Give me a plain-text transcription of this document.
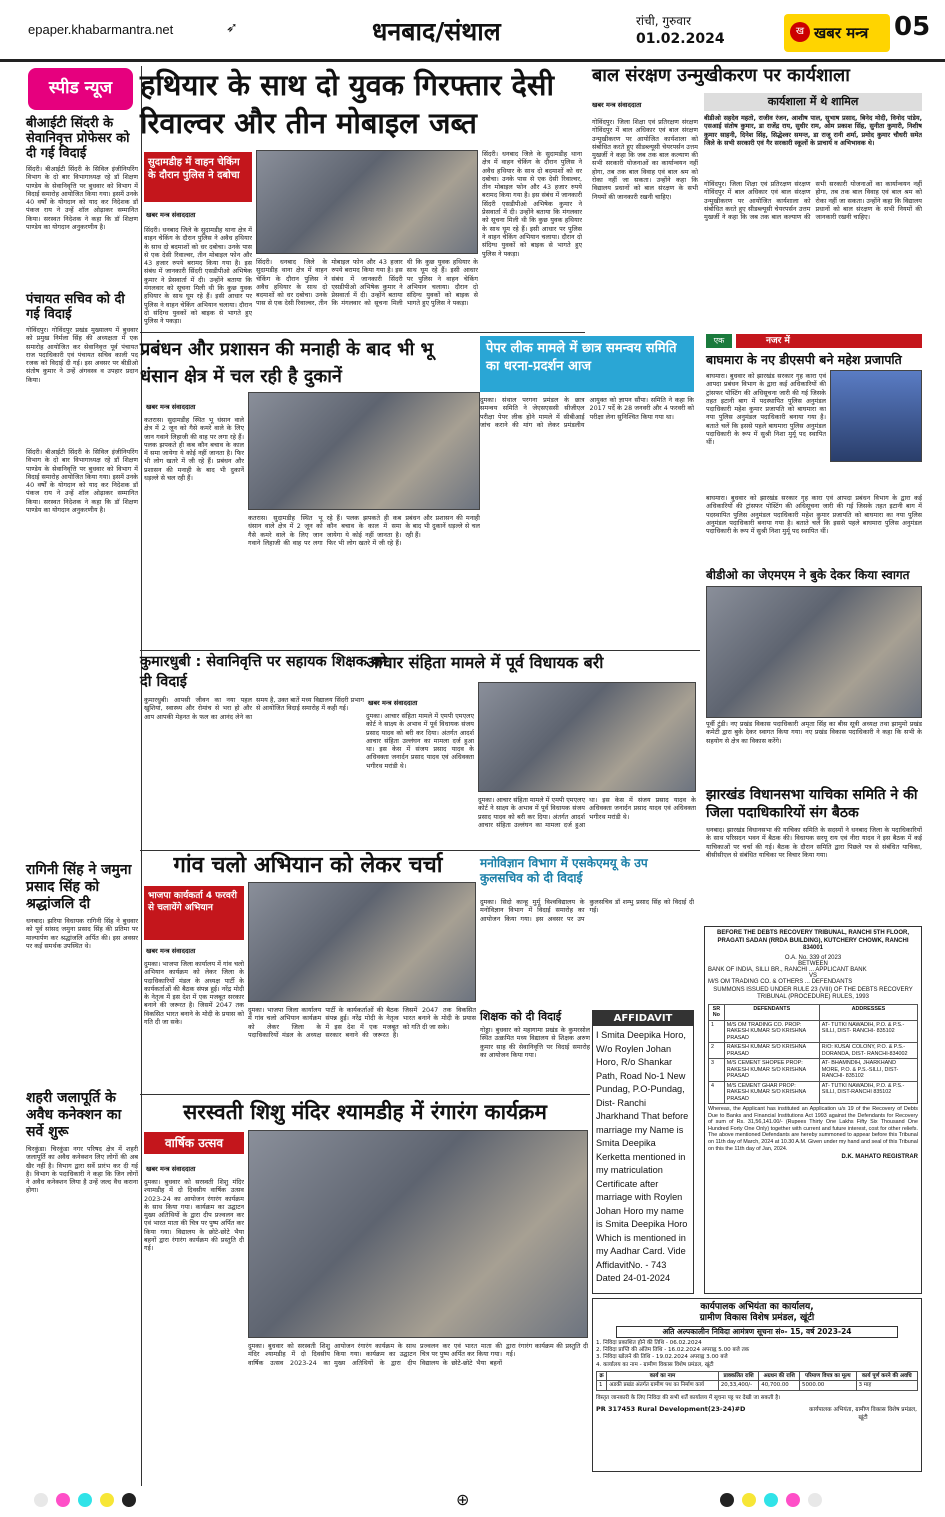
epaper.khabarmantra.net	➶	धनबाद/संथाल	रांची, गुरुवार
01.02.2024	खबर मन्त्र
ख	05
स्पीड न्यूज
बीआईटी सिंदरी के सेवानिवृत्त प्रोफेसर को दी गई विदाई
सिंदरी। बीआईटी सिंदरी के सिविल इंजीनियरिंग विभाग के दो बार विभागाध्यक्ष रहे डॉ शिक्षण पाण्डेय के सेवानिवृत्ति पर बुधवार को विभाग में विदाई समारोह आयोजित किया गया। इसमें उनके 40 वर्षों के योगदान को याद कर निदेशक डॉ पंकज राय ने उन्हें शॉल ओढ़ाकर सम्मानित किया। सरस्वत निदेशक ने कहा कि डॉ शिक्षण पाण्डेय का योगदान अनुकरणीय है।
पंचायत सचिव को दी गई विदाई
गोविंदपुर। गोविंदपुर प्रखंड मुख्यालय में बुधवार को प्रमुख निर्मला सिंह की अध्यक्षता में एक समारोह आयोजित कर सेवानिवृत्त पूर्व पंचायत राज पदाधिकारी एवं पंचायत सचिव काली पद रजक को विदाई दी गई। इस अवसर पर बीडीओ संतोष कुमार ने उन्हें अंगवस्त्र व उपहार प्रदान किया।
सिंदरी। बीआईटी सिंदरी के सिविल इंजीनियरिंग विभाग के दो बार विभागाध्यक्ष रहे डॉ शिक्षण पाण्डेय के सेवानिवृत्ति पर बुधवार को विभाग में विदाई समारोह आयोजित किया गया। इसमें उनके 40 वर्षों के योगदान को याद कर निदेशक डॉ पंकज राय ने उन्हें शॉल ओढ़ाकर सम्मानित किया। सरस्वत निदेशक ने कहा कि डॉ शिक्षण पाण्डेय का योगदान अनुकरणीय है।
रागिनी सिंह ने जमुना प्रसाद सिंह को श्रद्धांजलि दी
धनबाद। झरिया विधायक रागिनी सिंह ने बुधवार को पूर्व सांसद जमुना प्रसाद सिंह की प्रतिमा पर माल्यार्पण कर श्रद्धांजलि अर्पित की। इस अवसर पर कई समर्थक उपस्थित थे।
शहरी जलापूर्ति के अवैध कनेक्शन का सर्वे शुरू
चिरकुंडा। चिरकुंडा नगर परिषद क्षेत्र में शहरी जलापूर्ति का अवैध कनेक्शन लिए लोगों की अब खैर नहीं है। विभाग द्वारा सर्वे प्रारंभ कर दी गई है। विभाग के पदाधिकारी ने कहा कि जिन लोगों ने अवैध कनेक्शन लिया है उन्हें जल्द वैध कराना होगा।
हथियार के साथ दो युवक गिरफ्तार देसी रिवाल्वर और तीन मोबाइल जब्त
सुदामडीह में वाहन चेकिंग के दौरान पुलिस ने दबोचा
खबर मन्त्र संवाददाता
सिंदरी। धनबाद जिले के सुदामडीह थाना क्षेत्र में वाहन चेकिंग के दौरान पुलिस ने अवैध हथियार के साथ दो बदमाशों को धर दबोचा। उनके पास से एक देसी रिवाल्वर, तीन मोबाइल फोन और 43 हजार रुपये बरामद किया गया है। इस संबंध में जानकारी सिंदरी एसडीपीओ अभिषेक कुमार ने प्रेसवार्ता में दी। उन्होंने बताया कि मंगलवार को सूचना मिली थी कि कुछ युवक हथियार के साथ घूम रहे हैं। इसी आधार पर पुलिस ने वाहन चेकिंग अभियान चलाया। दौरान दो संदिग्ध युवकों को बाइक से भागते हुए पुलिस ने पकड़ा।
सिंदरी। धनबाद जिले के सुदामडीह थाना क्षेत्र में वाहन चेकिंग के दौरान पुलिस ने अवैध हथियार के साथ दो बदमाशों को धर दबोचा। उनके पास से एक देसी रिवाल्वर, तीन मोबाइल फोन और 43 हजार रुपये बरामद किया गया है। इस संबंध में जानकारी सिंदरी एसडीपीओ अभिषेक कुमार ने प्रेसवार्ता में दी। उन्होंने बताया कि मंगलवार को सूचना मिली थी कि कुछ युवक हथियार के साथ घूम रहे हैं। इसी आधार पर पुलिस ने वाहन चेकिंग अभियान चलाया। दौरान दो संदिग्ध युवकों को बाइक से भागते हुए पुलिस ने पकड़ा।
सिंदरी। धनबाद जिले के सुदामडीह थाना क्षेत्र में वाहन चेकिंग के दौरान पुलिस ने अवैध हथियार के साथ दो बदमाशों को धर दबोचा। उनके पास से एक देसी रिवाल्वर, तीन मोबाइल फोन और 43 हजार रुपये बरामद किया गया है। इस संबंध में जानकारी सिंदरी एसडीपीओ अभिषेक कुमार ने प्रेसवार्ता में दी। उन्होंने बताया कि मंगलवार को सूचना मिली थी कि कुछ युवक हथियार के साथ घूम रहे हैं। इसी आधार पर पुलिस ने वाहन चेकिंग अभियान चलाया। दौरान दो संदिग्ध युवकों को बाइक से भागते हुए पुलिस ने पकड़ा।
बाल संरक्षण उन्मुखीकरण पर कार्यशाला
कार्यशाला में थे शामिल
बीडीओ सहदेव महतो, राजीव रंजन, आशीष पाल, सुभाष प्रसाद, बिनेद मोदी, विनोद पांडेय, एसआई संतोष कुमार, डा राजेंद्र राय, सुधीर राम, ओम प्रकाश सिंह, सुनीता कुमारी, निशीष कुमार साहनी, दिनेश सिंह, सिद्धेश्वर समन्त, डा राजू रानी शर्मा, प्रमोद कुमार चौधरी समेत जिले के सभी सरकारी एवं गैर सरकारी स्कूलों के प्राचार्य व अभिभावक थे।
खबर मन्त्र संवाददाता
गोविंदपुर। जिला शिक्षा एवं प्रतिरक्षण संरक्षण गोविंदपुर में बाल अधिकार एवं बाल संरक्षण उन्मुखीकरण पर आयोजित कार्यशाला को संबोधित करते हुए सीडब्ल्यूसी चेयरपर्सन उत्तम मुखर्जी ने कहा कि जब तक बाल कल्याण की सभी सरकारी योजनाओं का कार्यान्वयन नहीं होगा, तब तक बाल विवाह एवं बाल श्रम को रोका नहीं जा सकता। उन्होंने कहा कि विद्यालय प्रधानों को बाल संरक्षण के सभी नियमों की जानकारी रखनी चाहिए।
गोविंदपुर। जिला शिक्षा एवं प्रतिरक्षण संरक्षण गोविंदपुर में बाल अधिकार एवं बाल संरक्षण उन्मुखीकरण पर आयोजित कार्यशाला को संबोधित करते हुए सीडब्ल्यूसी चेयरपर्सन उत्तम मुखर्जी ने कहा कि जब तक बाल कल्याण की सभी सरकारी योजनाओं का कार्यान्वयन नहीं होगा, तब तक बाल विवाह एवं बाल श्रम को रोका नहीं जा सकता। उन्होंने कहा कि विद्यालय प्रधानों को बाल संरक्षण के सभी नियमों की जानकारी रखनी चाहिए।
एक	नजर में
बाघमारा के नए डीएसपी बने महेश प्रजापति
बाघमारा। बुधवार को झारखंड सरकार गृह कारा एवं आपदा प्रबंधन विभाग के द्वारा कई अधिकारियों की ट्रांसफर पोस्टिंग की अधिसूचना जारी की गई जिसके तहत इटानी बाग में पदस्थापित पुलिस अनुमंडल पदाधिकारी महेश कुमार प्रजापति को बाघमारा का नया पुलिस अनुमंडल पदाधिकारी बनाया गया है। बताते चलें कि इससे पहले बाघमारा पुलिस अनुमंडल पदाधिकारी के रूप में सुश्री निशा मुर्मू पद स्थापित थीं।
बाघमारा। बुधवार को झारखंड सरकार गृह कारा एवं आपदा प्रबंधन विभाग के द्वारा कई अधिकारियों की ट्रांसफर पोस्टिंग की अधिसूचना जारी की गई जिसके तहत इटानी बाग में पदस्थापित पुलिस अनुमंडल पदाधिकारी महेश कुमार प्रजापति को बाघमारा का नया पुलिस अनुमंडल पदाधिकारी बनाया गया है। बताते चलें कि इससे पहले बाघमारा पुलिस अनुमंडल पदाधिकारी के रूप में सुश्री निशा मुर्मू पद स्थापित थीं।
बीडीओ का जेएमएम ने बुके देकर किया स्वागत
पूर्वी टुंडी। नए प्रखंड विकास पदाधिकारी अमृता सिंह का बीस सूत्री अध्यक्ष तथा झामुमो प्रखंड कमेटी द्वारा बुके देकर स्वागत किया गया। नए प्रखंड विकास पदाधिकारी ने कहा कि सभी के सहयोग से क्षेत्र का विकास करेंगे।
झारखंड विधानसभा याचिका समिति ने की जिला पदाधिकारियों संग बैठक
धनबाद। झारखंड विधानसभा की याचिका समिति के सदस्यों ने धनबाद जिला के पदाधिकारियों के साथ परिसदन भवन में बैठक की। विधायक सरयू राय एवं नीरा यादव ने इस बैठक में कई याचिकाओं पर चर्चा की गई। बैठक के दौरान समिति द्वारा पिछले पत्र से संबंधित याचिका, बीसीसीएल से संबंधित याचिका पर विचार किया गया।
प्रबंधन और प्रशासन की मनाही के बाद भी भू धंसान क्षेत्र में चल रही है दुकानें
खबर मन्त्र संवाददाता
कतरास। सुदामडीह स्थित भू धंसान वाले क्षेत्र में 2 जून को गैसे कमरे वाले के लिए जान गवाने लिहाजी की वाह पर लगा रहे हैं। पलक झपकते ही कब कौन बचाव के काल में समा जायेगा ये कोई नहीं जानता है। फिर भी लोग खतरे में जी रहे हैं। प्रबंधन और प्रशासन की मनाही के बाद भी दुकानें धड़ल्ले से चल रही हैं।
कतरास। सुदामडीह स्थित भू धंसान वाले क्षेत्र में 2 जून को गैसे कमरे वाले के लिए जान गवाने लिहाजी की वाह पर लगा रहे हैं। पलक झपकते ही कब कौन बचाव के काल में समा जायेगा ये कोई नहीं जानता है। फिर भी लोग खतरे में जी रहे हैं। प्रबंधन और प्रशासन की मनाही के बाद भी दुकानें धड़ल्ले से चल रही हैं।
पेपर लीक मामले में छात्र समन्वय समिति का धरना-प्रदर्शन आज
दुमका। संथाल परगना प्रमंडल के छात्र समन्वय समिति ने जेएसएससी सीजीएल परीक्षा पेपर लीक होने मामले में सीबीआई जांच कराने की मांग को लेकर प्रमंडलीय आयुक्त को ज्ञापन सौंपा। समिति ने कहा कि 2017 पर्दे के 28 जनवरी और 4 फरवरी को परीक्षा लेना सुनिश्चित किया गया था।
कुमारधुबी : सेवानिवृत्ति पर सहायक शिक्षक को दी विदाई
कुमारधुबी। आपसी जीवन का नया पहल खुशियां, स्वास्थ्य और रोमांच से भरा हो और आप आपकी मेहनत के फल का आनंद लेने का समय है, उक्त बातें मध्य विद्यालय सिंदरी प्रभाग से आयोजित विदाई समारोह में कही गई।
आचार संहिता मामले में पूर्व विधायक बरी
खबर मन्त्र संवाददाता
दुमका। आचार संहिता मामले में एमपी एमएलए कोर्ट ने साक्ष्य के अभाव में पूर्व विधायक संजय प्रसाद यादव को बरी कर दिया। अंतर्गत आदर्श आचार संहिता उल्लंघन का मामला दर्ज हुआ था। इस केस में संजय प्रसाद यादव के अधिवक्ता जनार्दन प्रसाद यादव एवं अधिवक्ता भगीरथ मरांडी थे।
दुमका। आचार संहिता मामले में एमपी एमएलए कोर्ट ने साक्ष्य के अभाव में पूर्व विधायक संजय प्रसाद यादव को बरी कर दिया। अंतर्गत आदर्श आचार संहिता उल्लंघन का मामला दर्ज हुआ था। इस केस में संजय प्रसाद यादव के अधिवक्ता जनार्दन प्रसाद यादव एवं अधिवक्ता भगीरथ मरांडी थे।
गांव चलो अभियान को लेकर चर्चा
भाजपा कार्यकर्ता 4 फरवरी से चलायेंगे अभियान
खबर मन्त्र संवाददाता
दुमका। भाजपा जिला कार्यालय में गांव चलो अभियान कार्यक्रम को लेकर जिला के पदाधिकारियों मंडल के अध्यक्ष पार्टी के कार्यकर्ताओं की बैठक संपन्न हुई। नरेंद्र मोदी के नेतृत्व में इस देश में एक मजबूत सरकार बनाने की जरूरत है। जिसमें 2047 तक विकसित भारत बनाने के मोदी के प्रयास को गति दी जा सके।
दुमका। भाजपा जिला कार्यालय में गांव चलो अभियान कार्यक्रम को लेकर जिला के पदाधिकारियों मंडल के अध्यक्ष पार्टी के कार्यकर्ताओं की बैठक संपन्न हुई। नरेंद्र मोदी के नेतृत्व में इस देश में एक मजबूत सरकार बनाने की जरूरत है। जिसमें 2047 तक विकसित भारत बनाने के मोदी के प्रयास को गति दी जा सके।
मनोविज्ञान विभाग में एसकेएमयू के उप कुलसचिव को दी विदाई
दुमका। सिदो कान्हू मुर्मू विश्वविद्यालय के मनोविज्ञान विभाग में विदाई समारोह का आयोजन किया गया। इस अवसर पर उप कुलसचिव डॉ शम्भु प्रसाद सिंह को विदाई दी गई।
शिक्षक को दी विदाई
गोड्डा। बुधवार को महागामा प्रखंड के कुमरसोल स्थित उत्क्रमित मध्य विद्यालय से शिक्षक अरुण कुमार साह की सेवानिवृत्ति पर विदाई समारोह का आयोजन किया गया।
AFFIDAVIT
I Smita Deepika Horo, W/o Roylen Johan Horo, R/o Shankar Path, Road No-1 New Pundag, P.O-Pundag, Dist- Ranchi Jharkhand That before marriage my Name is Smita Deepika Kerketta mentioned in my matriculation Certificate after marriage with Roylen Johan Horo my name is Smita Deepika Horo Which is mentioned in my Aadhar Card. Vide AffidavitNo. - 743 Dated 24-01-2024
BEFORE THE DEBTS RECOVERY TRIBUNAL, RANCHI 5TH FLOOR, PRAGATI SADAN (RRDA BUILDING), KUTCHERY CHOWK, RANCHI 834001
O.A. No. 339 of 2023
BETWEEN
BANK OF INDIA, SILLI BR., RANCHI ... APPLICANT BANK
VS
M/S OM TRADING CO. & OTHERS ... DEFENDANTS
SUMMONS ISSUED UNDER RULE 23 (VIII) OF THE DEBTS RECOVERY TRIBUNAL (PROCEDURE) RULES, 1993
SR No	DEFENDANTS	ADDRESSES
1	M/S OM TRADING CO. PROP: RAKESH KUMAR S/O KRISHNA PRASAD	AT- TUTKI NAWADIH, P.O. & P.S.-SILLI, DIST- RANCHI- 835102
2	RAKESH KUMAR S/O KRISHNA PRASAD	R/O: KUSAI COLONY, P.O. & P.S.-DORANDA, DIST- RANCHI-834002
3	M/S CEMENT SHOPEE PROP: RAKESH KUMAR S/O KRISHNA PRASAD	AT- BHAMNDIH, JHARKHAND MORE, P.O. & P.S.-SILLI, DIST-RANCHI- 835102
4	M/S CEMENT GHAR PROP: RAKESH KUMAR S/O KRISHNA PRASAD	AT- TUTKI NAWADIH, P.O. & P.S.-SILLI, DIST-RANCHI 835102
Whereas, the Applicant has instituted an Application u/s 19 of the Recovery of Debts Due to Banks and Financial Institutions Act 1993 against the Defendants for Recovery of sum of Rs. 31,56,141.00/- (Rupees Thirty One Lakhs Fifty Six Thousand One Hundred Forty One Only) together with current and future interest, cost for other reliefs. The above mentioned Defendants are hereby summoned to appear before this Tribunal on 11th day of March, 2024 at 10.30 A.M. Given under my hand and seal of this Tribunal on this the 11th day of Jan, 2024.
D.K. MAHATO REGISTRAR
सरस्वती शिशु मंदिर श्यामडीह में रंगारंग कार्यक्रम
वार्षिक उत्सव
खबर मन्त्र संवाददाता
दुमका। बुधवार को सरस्वती शिशु मंदिर श्यामडीह में दो दिवसीय वार्षिक उत्सव 2023-24 का आयोजन रंगारंग कार्यक्रम के साथ किया गया। कार्यक्रम का उद्घाटन मुख्य अतिथियों के द्वारा दीप प्रज्वलन कर एवं भारत माता की चित्र पर पुष्प अर्पित कर किया गया। विद्यालय के छोटे-छोटे भैया बहनों द्वारा रंगारंग कार्यक्रम की प्रस्तुति दी गई।
दुमका। बुधवार को सरस्वती शिशु मंदिर श्यामडीह में दो दिवसीय वार्षिक उत्सव 2023-24 का आयोजन रंगारंग कार्यक्रम के साथ किया गया। कार्यक्रम का उद्घाटन मुख्य अतिथियों के द्वारा दीप प्रज्वलन कर एवं भारत माता की चित्र पर पुष्प अर्पित कर किया गया। विद्यालय के छोटे-छोटे भैया बहनों द्वारा रंगारंग कार्यक्रम की प्रस्तुति दी गई।
कार्यपालक अभियंता का कार्यालय,
ग्रामीण विकास विशेष प्रमंडल, खूंटी
अति अल्पकालीन निविदा आमंत्रण सूचना सं०- 15, वर्ष 2023-24
1. निविदा प्रकाशित होने की तिथि - 06.02.2024
2. निविदा प्राप्ति की अंतिम तिथि - 16.02.2024 अपराह्न 5.00 बजे तक
3. निविदा खोलने की तिथि - 19.02.2024 अपराह्न 3.00 बजे
4. कार्यालय का नाम - ग्रामीण विकास विशेष प्रमंडल, खूंटी
क्र	कार्य का नाम	प्राक्कलित राशि	अग्रधन की राशि	परिमाण विपत्र का मूल्य	कार्य पूर्ण करने की अवधि
1	अडकी प्रखंड अंतर्गत ग्रामीण पथ का निर्माण कार्य	20,33,400/-	40,700.00	5000.00	3 माह
विस्तृत जानकारी के लिए निविदा की सभी शर्तें कार्यालय में सूचना पट्ट पर देखी जा सकती है।
PR 317453 Rural Development(23-24)#D	कार्यपालक अभियंता, ग्रामीण विकास विशेष प्रमंडल, खूंटी
⊕
